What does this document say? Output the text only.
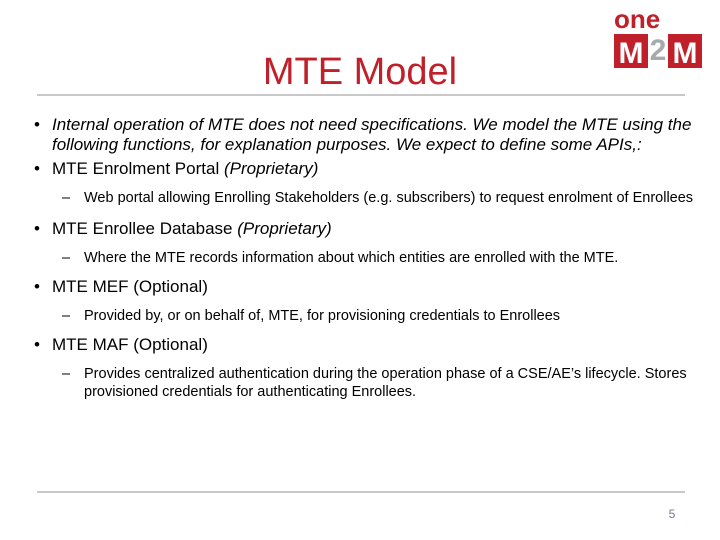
MTE Model
one
M 2 M
M2M
• Internal operation of MTE does not need specifications. We model the MTE using the following functions, for explanation purposes. We expect to define some APIs,:
• MTE Enrolment Portal (Proprietary)
– Web portal allowing Enrolling Stakeholders (e.g. subscribers) to request enrolment of Enrollees
• MTE Enrollee Database (Proprietary)
– Where the MTE records information about which entities are enrolled with the MTE.
• MTE MEF (Optional)
– Provided by, or on behalf of, MTE, for provisioning credentials to Enrollees
• MTE MAF (Optional)
– Provides centralized authentication during the operation phase of a CSE/AE’s lifecycle. Stores provisioned credentials for authenticating Enrollees.
5
